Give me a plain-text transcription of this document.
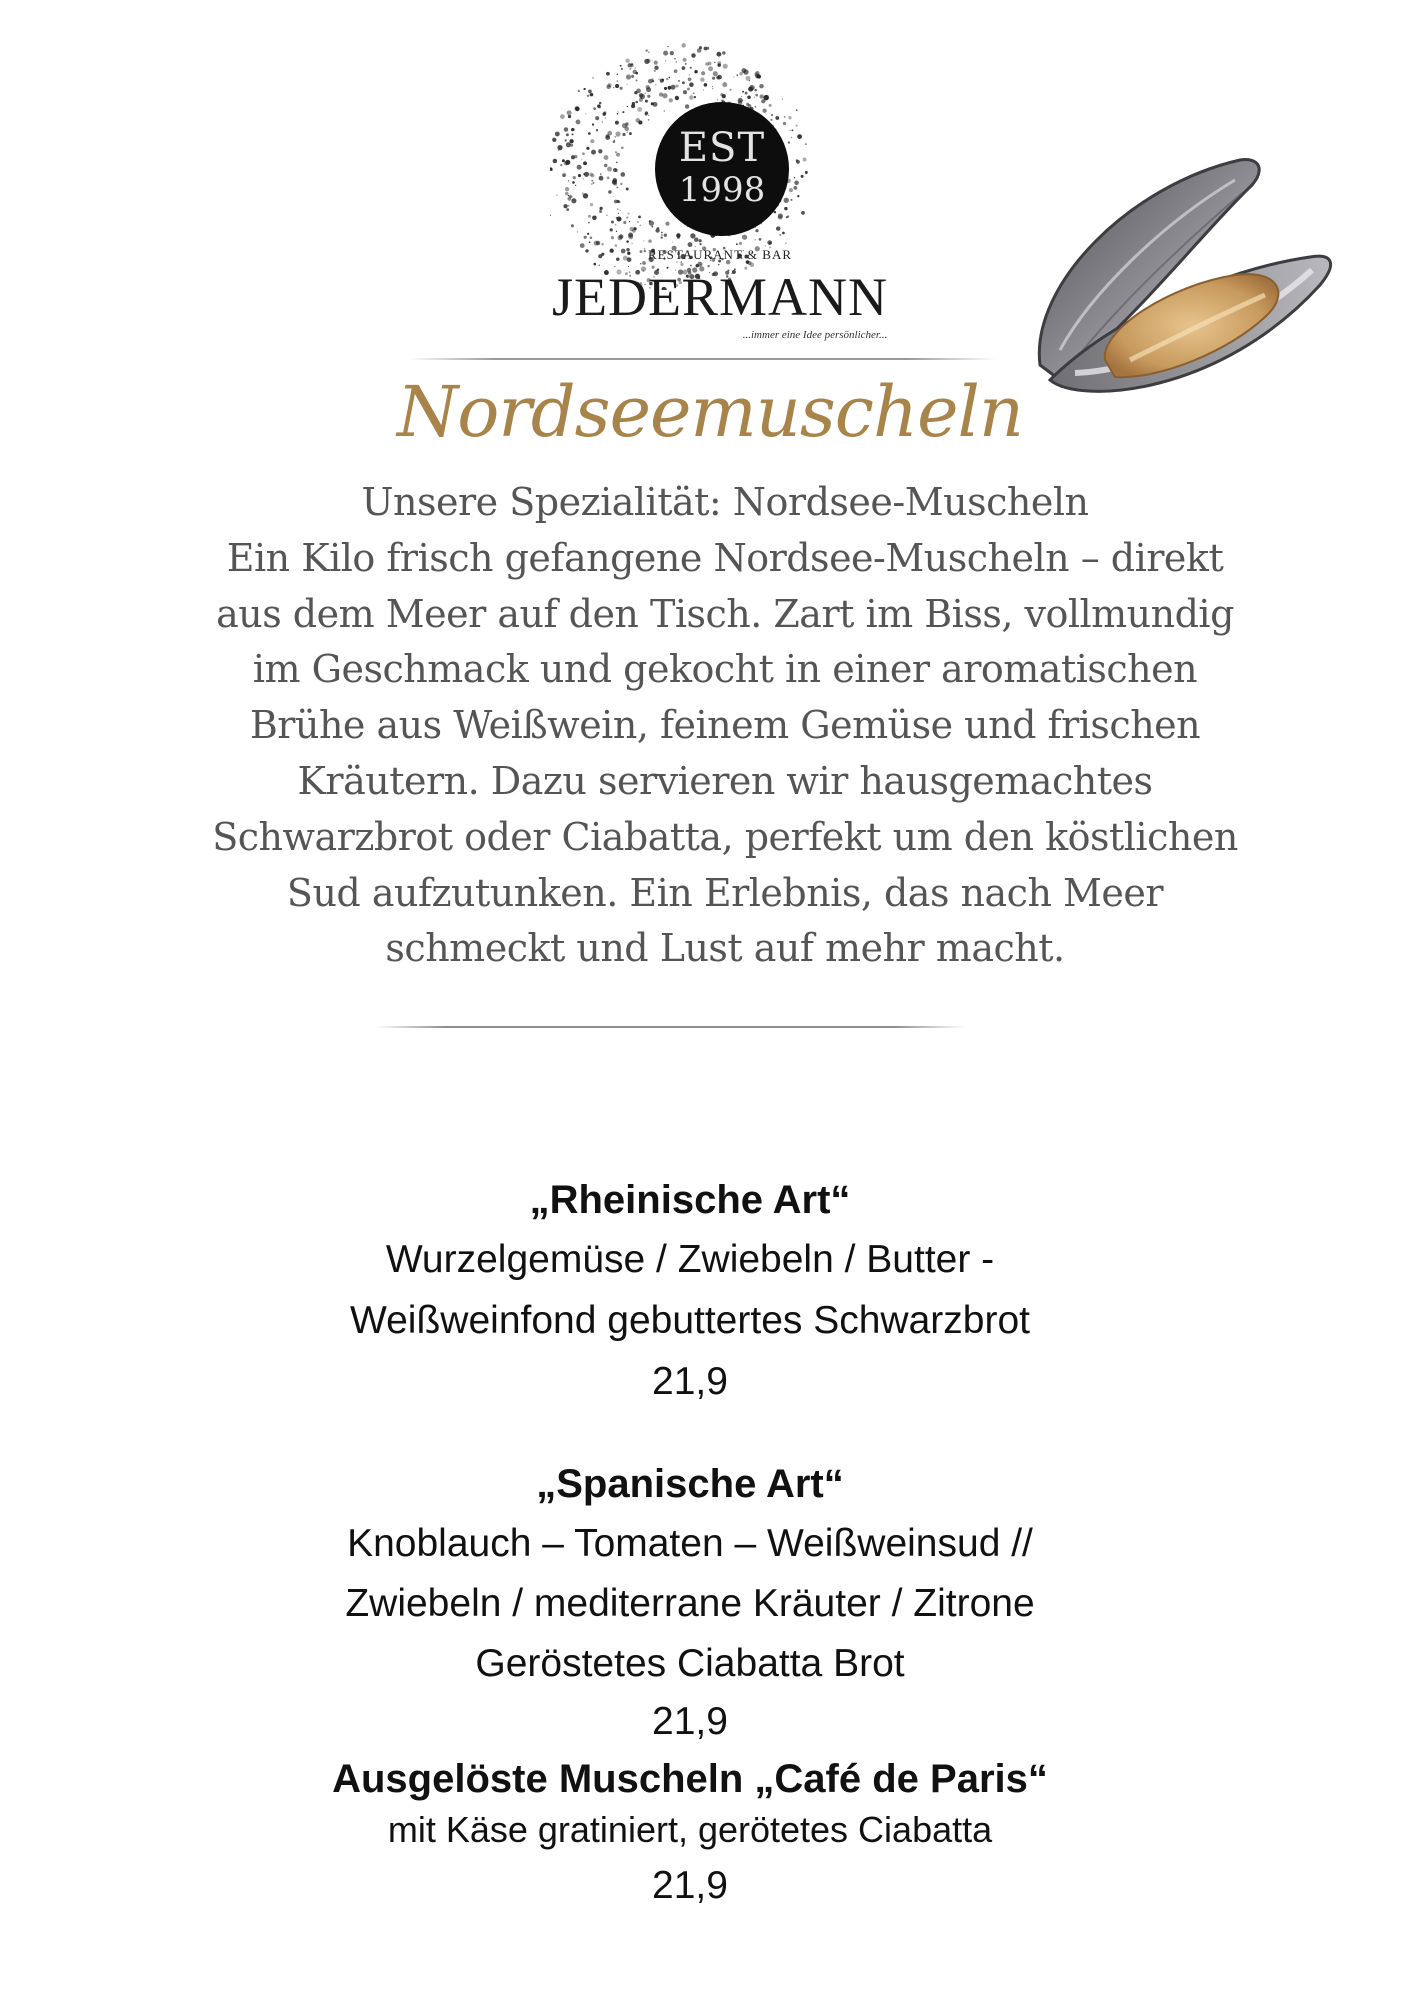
EST
1998
RESTAURANT & BAR
JEDERMANN
...immer eine Idee persönlicher...
Nordseemuscheln
Unsere Spezialität: Nordsee-Muscheln
Ein Kilo frisch gefangene Nordsee-Muscheln – direkt
aus dem Meer auf den Tisch. Zart im Biss, vollmundig
im Geschmack und gekocht in einer aromatischen
Brühe aus Weißwein, feinem Gemüse und frischen
Kräutern. Dazu servieren wir hausgemachtes
Schwarzbrot oder Ciabatta, perfekt um den köstlichen
Sud aufzutunken. Ein Erlebnis, das nach Meer
schmeckt und Lust auf mehr macht.
„Rheinische Art“
Wurzelgemüse / Zwiebeln / Butter -
Weißweinfond gebuttertes Schwarzbrot
21,9
„Spanische Art“
Knoblauch – Tomaten – Weißweinsud //
Zwiebeln / mediterrane Kräuter / Zitrone
Geröstetes Ciabatta Brot
21,9
Ausgelöste Muscheln „Café de Paris“
mit Käse gratiniert, gerötetes Ciabatta
21,9
